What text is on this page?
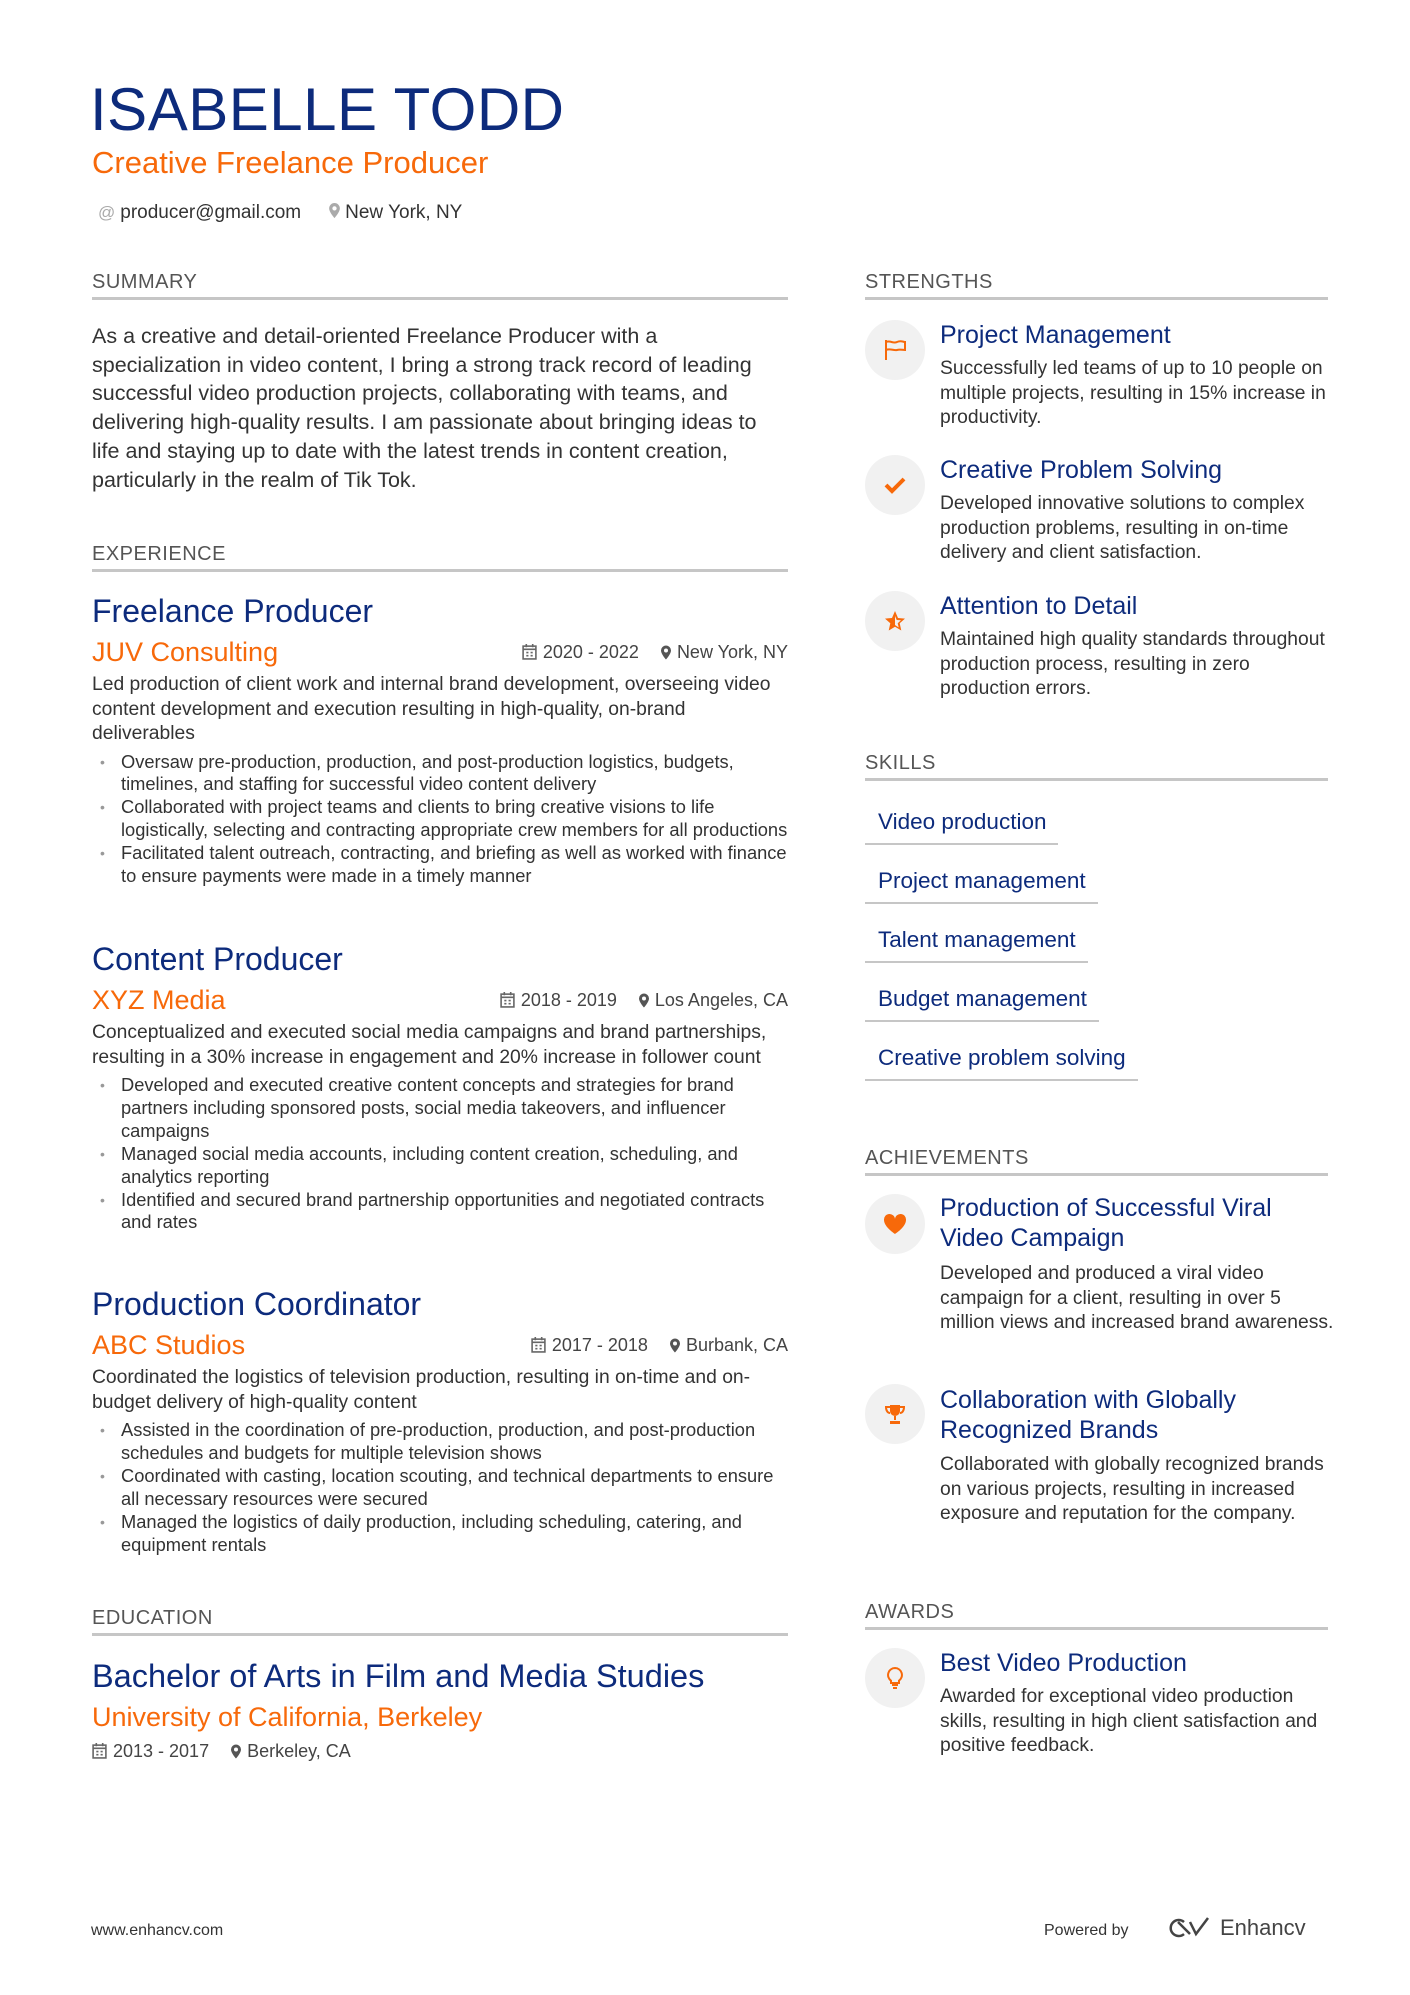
ISABELLE TODD
Creative Freelance Producer
@ producer@gmail.com	New York, NY
SUMMARY
As a creative and detail-oriented Freelance Producer with a specialization in video content, I bring a strong track record of leading successful video production projects, collaborating with teams, and delivering high-quality results. I am passionate about bringing ideas to life and staying up to date with the latest trends in content creation, particularly in the realm of Tik Tok.
EXPERIENCE
Freelance Producer
JUV Consulting	2020 - 2022	New York, NY
Led production of client work and internal brand development, overseeing video content development and execution resulting in high-quality, on-brand deliverables
• Oversaw pre-production, production, and post-production logistics, budgets, timelines, and staffing for successful video content delivery
• Collaborated with project teams and clients to bring creative visions to life logistically, selecting and contracting appropriate crew members for all productions
• Facilitated talent outreach, contracting, and briefing as well as worked with finance to ensure payments were made in a timely manner
Content Producer
XYZ Media	2018 - 2019	Los Angeles, CA
Conceptualized and executed social media campaigns and brand partnerships, resulting in a 30% increase in engagement and 20% increase in follower count
• Developed and executed creative content concepts and strategies for brand partners including sponsored posts, social media takeovers, and influencer campaigns
• Managed social media accounts, including content creation, scheduling, and analytics reporting
• Identified and secured brand partnership opportunities and negotiated contracts and rates
Production Coordinator
ABC Studios	2017 - 2018	Burbank, CA
Coordinated the logistics of television production, resulting in on-time and on-budget delivery of high-quality content
• Assisted in the coordination of pre-production, production, and post-production schedules and budgets for multiple television shows
• Coordinated with casting, location scouting, and technical departments to ensure all necessary resources were secured
• Managed the logistics of daily production, including scheduling, catering, and equipment rentals
EDUCATION
Bachelor of Arts in Film and Media Studies
University of California, Berkeley
2013 - 2017	Berkeley, CA
STRENGTHS
Project Management
Successfully led teams of up to 10 people on multiple projects, resulting in 15% increase in productivity.
Creative Problem Solving
Developed innovative solutions to complex production problems, resulting in on-time delivery and client satisfaction.
Attention to Detail
Maintained high quality standards throughout production process, resulting in zero production errors.
SKILLS
Video production
Project management
Talent management
Budget management
Creative problem solving
ACHIEVEMENTS
Production of Successful Viral Video Campaign
Developed and produced a viral video campaign for a client, resulting in over 5 million views and increased brand awareness.
Collaboration with Globally Recognized Brands
Collaborated with globally recognized brands on various projects, resulting in increased exposure and reputation for the company.
AWARDS
Best Video Production
Awarded for exceptional video production skills, resulting in high client satisfaction and positive feedback.
www.enhancv.com	Powered by	Enhancv
